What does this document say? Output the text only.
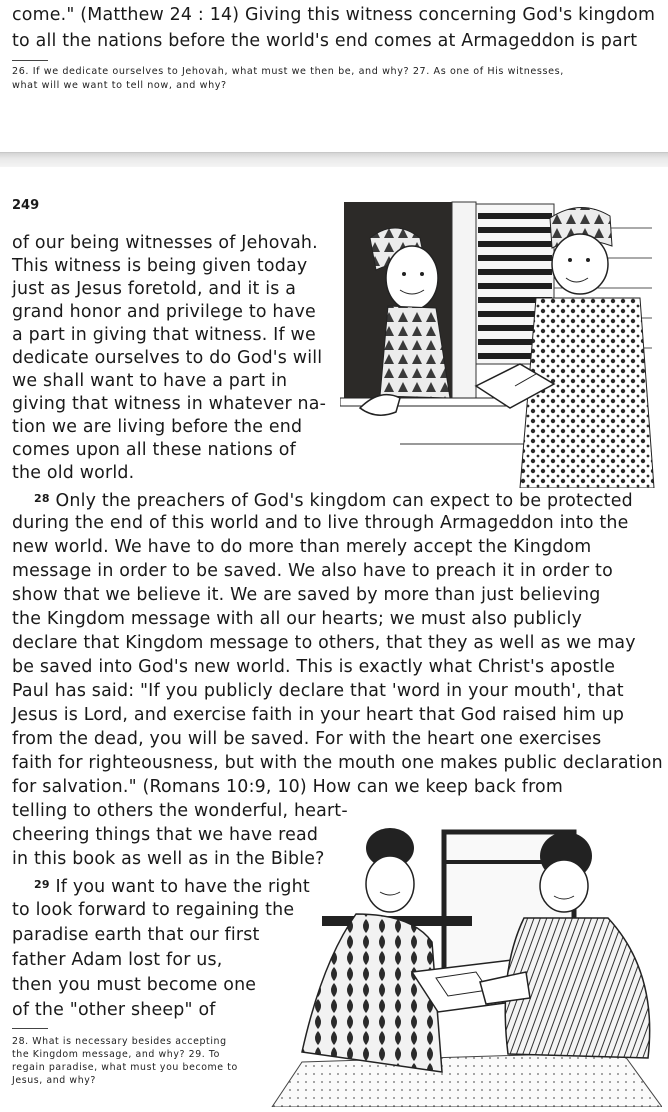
come." (Matthew 24 : 14) Giving this witness concerning God's kingdom
to all the nations before the world's end comes at Armageddon is part
26. If we dedicate ourselves to Jehovah, what must we then be, and why? 27. As one of His witnesses,
what will we want to tell now, and why?
249
of our being witnesses of Jehovah.
This witness is being given today
just as Jesus foretold, and it is a
grand honor and privilege to have
a part in giving that witness. If we
dedicate ourselves to do God's will
we shall want to have a part in
giving that witness in whatever na-
tion we are living before the end
comes upon all these nations of
the old world.
$^{28}$ Only the preachers of God's kingdom can expect to be protected
during the end of this world and to live through Armageddon into the
new world. We have to do more than merely accept the Kingdom
message in order to be saved. We also have to preach it in order to
show that we believe it. We are saved by more than just believing
the Kingdom message with all our hearts; we must also publicly
declare that Kingdom message to others, that they as well as we may
be saved into God's new world. This is exactly what Christ's apostle
Paul has said: "If you publicly declare that 'word in your mouth', that
Jesus is Lord, and exercise faith in your heart that God raised him up
from the dead, you will be saved. For with the heart one exercises
faith for righteousness, but with the mouth one makes public declaration
for salvation." (Romans 10:9, 10) How can we keep back from
telling to others the wonderful, heart-
cheering things that we have read
in this book as well as in the Bible?
$^{29}$ If you want to have the right
to look forward to regaining the
paradise earth that our first
father Adam lost for us,
then you must become one
of the "other sheep" of
28. What is necessary besides accepting
the Kingdom message, and why? 29. To
regain paradise, what must you become to
Jesus, and why?
